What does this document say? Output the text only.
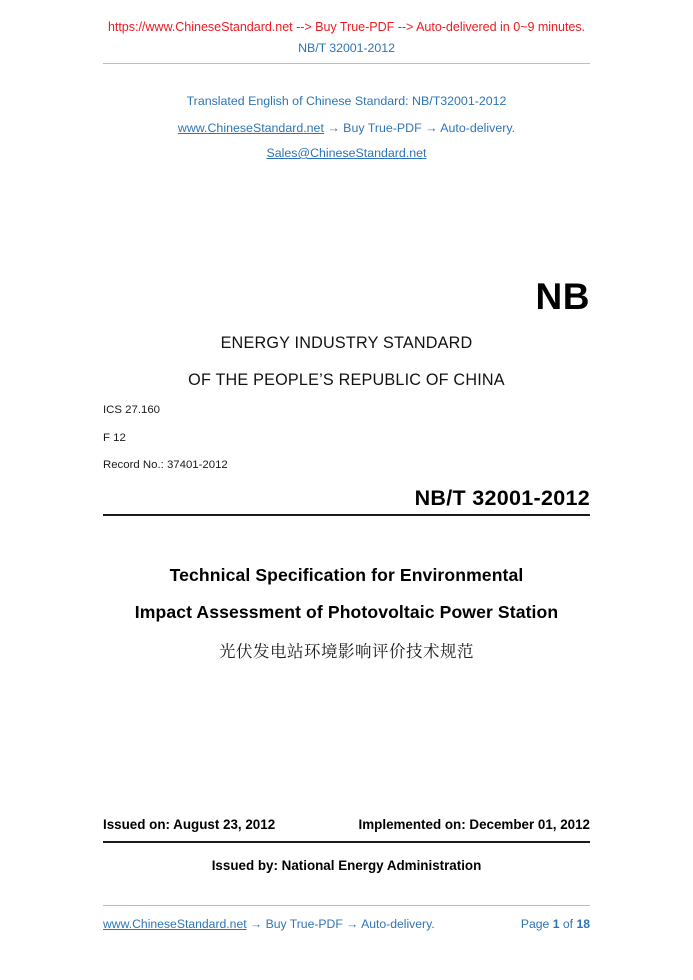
https://www.ChineseStandard.net --> Buy True-PDF --> Auto-delivered in 0~9 minutes.
NB/T 32001-2012
Translated English of Chinese Standard: NB/T32001-2012
www.ChineseStandard.net → Buy True-PDF → Auto-delivery.
Sales@ChineseStandard.net
NB
ENERGY INDUSTRY STANDARD
OF THE PEOPLE’S REPUBLIC OF CHINA
ICS 27.160
F 12
Record No.: 37401-2012
NB/T 32001-2012
Technical Specification for Environmental
Impact Assessment of Photovoltaic Power Station
光伏发电站环境影响评价技术规范
Issued on: August 23, 2012	Implemented on: December 01, 2012
Issued by: National Energy Administration
www.ChineseStandard.net → Buy True-PDF → Auto-delivery.	Page 1 of 18
